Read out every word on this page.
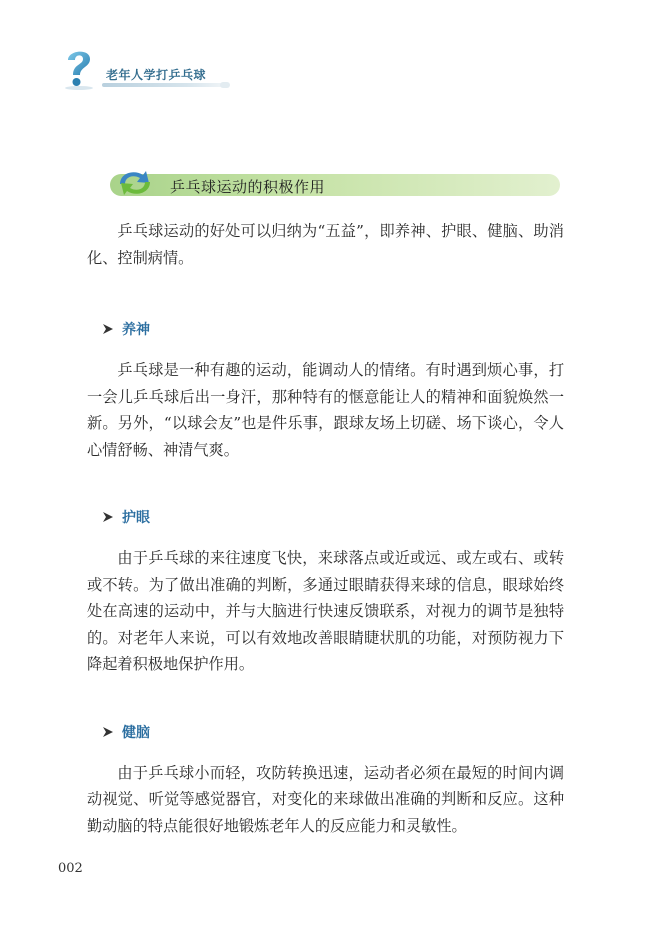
老年人学打乒乓球
乒乓球运动的积极作用

乒乓球运动的好处可以归纳为“五益”，即养神、护眼、健脑、助消化、控制病情。

养神

乒乓球是一种有趣的运动，能调动人的情绪。有时遇到烦心事，打一会儿乒乓球后出一身汗，那种特有的惬意能让人的精神和面貌焕然一新。另外，“以球会友”也是件乐事，跟球友场上切磋、场下谈心，令人心情舒畅、神清气爽。

护眼

由于乒乓球的来往速度飞快，来球落点或近或远、或左或右、或转或不转。为了做出准确的判断，多通过眼睛获得来球的信息，眼球始终处在高速的运动中，并与大脑进行快速反馈联系，对视力的调节是独特的。对老年人来说，可以有效地改善眼睛睫状肌的功能，对预防视力下降起着积极地保护作用。

健脑

由于乒乓球小而轻，攻防转换迅速，运动者必须在最短的时间内调动视觉、听觉等感觉器官，对变化的来球做出准确的判断和反应。这种勤动脑的特点能很好地锻炼老年人的反应能力和灵敏性。

002
